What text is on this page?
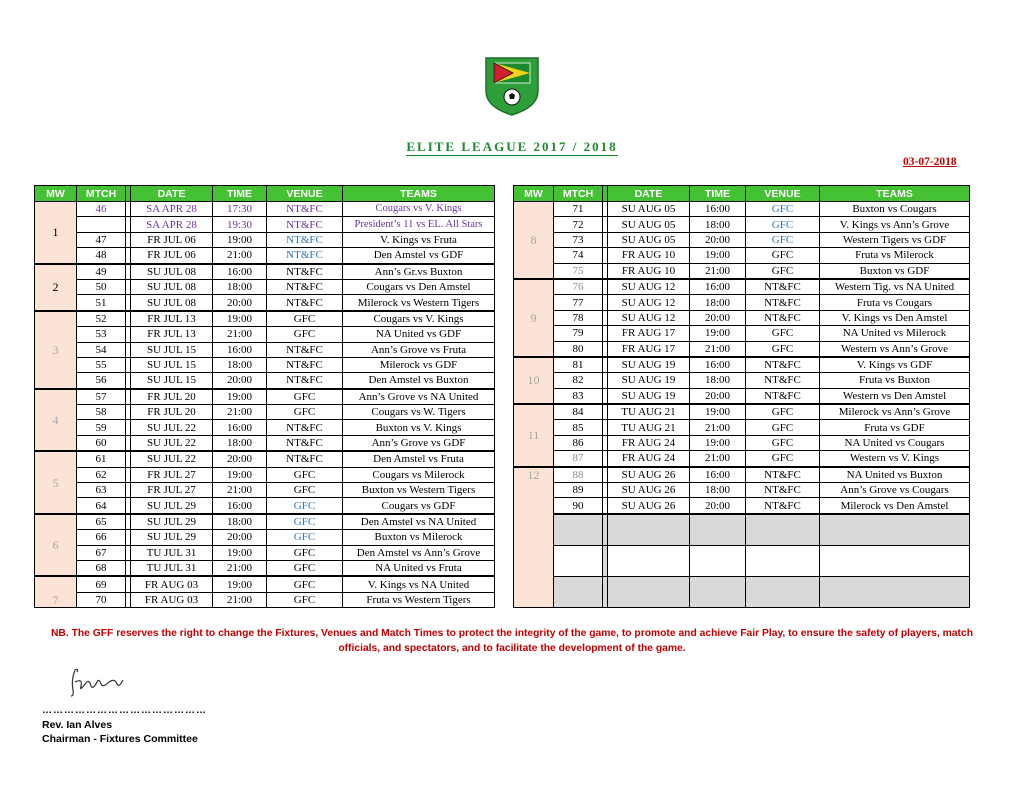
ELITE LEAGUE 2017 / 2018
03-07-2018
MW	MTCH		DATE	TIME	VENUE	TEAMS
1	46		SA APR 28	17:30	NT&FC	Cougars vs V. Kings
			SA APR 28	19:30	NT&FC	President’s 11 vs EL. All Stars
	47		FR JUL 06	19:00	NT&FC	V. Kings vs Fruta
	48		FR JUL 06	21:00	NT&FC	Den Amstel vs GDF
2	49		SU JUL 08	16:00	NT&FC	Ann’s Gr.vs Buxton
	50		SU JUL 08	18:00	NT&FC	Cougars vs Den Amstel
	51		SU JUL 08	20:00	NT&FC	Milerock vs Western Tigers
3	52		FR JUL 13	19:00	GFC	Cougars vs V. Kings
	53		FR JUL 13	21:00	GFC	NA United vs GDF
	54		SU JUL 15	16:00	NT&FC	Ann’s Grove vs Fruta
	55		SU JUL 15	18:00	NT&FC	Milerock vs GDF
	56		SU JUL 15	20:00	NT&FC	Den Amstel vs Buxton
4	57		FR JUL 20	19:00	GFC	Ann’s Grove vs NA United
	58		FR JUL 20	21:00	GFC	Cougars vs W. Tigers
	59		SU JUL 22	16:00	NT&FC	Buxton vs V. Kings
	60		SU JUL 22	18:00	NT&FC	Ann’s Grove vs GDF
5	61		SU JUL 22	20:00	NT&FC	Den Amstel vs Fruta
	62		FR JUL 27	19:00	GFC	Cougars vs Milerock
	63		FR JUL 27	21:00	GFC	Buxton vs Western Tigers
	64		SU JUL 29	16:00	GFC	Cougars vs GDF
6	65		SU JUL 29	18:00	GFC	Den Amstel vs NA United
	66		SU JUL 29	20:00	GFC	Buxton vs Milerock
	67		TU JUL 31	19:00	GFC	Den Amstel vs Ann’s Grove
	68		TU JUL 31	21:00	GFC	NA United vs Fruta
7	69		FR AUG 03	19:00	GFC	V. Kings vs NA United
	70		FR AUG 03	21:00	GFC	Fruta vs Western Tigers
MW	MTCH		DATE	TIME	VENUE	TEAMS
8	71		SU AUG 05	16:00	GFC	Buxton vs Cougars
	72		SU AUG 05	18:00	GFC	V. Kings vs Ann’s Grove
	73		SU AUG 05	20:00	GFC	Western Tigers vs GDF
	74		FR AUG 10	19:00	GFC	Fruta vs Milerock
	75		FR AUG 10	21:00	GFC	Buxton vs GDF
9	76		SU AUG 12	16:00	NT&FC	Western Tig. vs NA United
	77		SU AUG 12	18:00	NT&FC	Fruta vs Cougars
	78		SU AUG 12	20:00	NT&FC	V. Kings vs Den Amstel
	79		FR AUG 17	19:00	GFC	NA United vs Milerock
	80		FR AUG 17	21:00	GFC	Western vs Ann’s Grove
10	81		SU AUG 19	16:00	NT&FC	V. Kings vs GDF
	82		SU AUG 19	18:00	NT&FC	Fruta vs Buxton
	83		SU AUG 19	20:00	NT&FC	Western vs Den Amstel
11	84		TU AUG 21	19:00	GFC	Milerock vs Ann’s Grove
	85		TU AUG 21	21:00	GFC	Fruta vs GDF
	86		FR AUG 24	19:00	GFC	NA United vs Cougars
	87		FR AUG 24	21:00	GFC	Western vs V. Kings
12	88		SU AUG 26	16:00	NT&FC	NA United vs Buxton
	89		SU AUG 26	18:00	NT&FC	Ann’s Grove vs Cougars
	90		SU AUG 26	20:00	NT&FC	Milerock vs Den Amstel

NB. The GFF reserves the right to change the Fixtures, Venues and Match Times to protect the integrity of the game, to promote and achieve Fair Play, to ensure the safety of players, match officials, and spectators, and to facilitate the development of the game.
………………………………………
Rev. Ian Alves
Chairman - Fixtures Committee
